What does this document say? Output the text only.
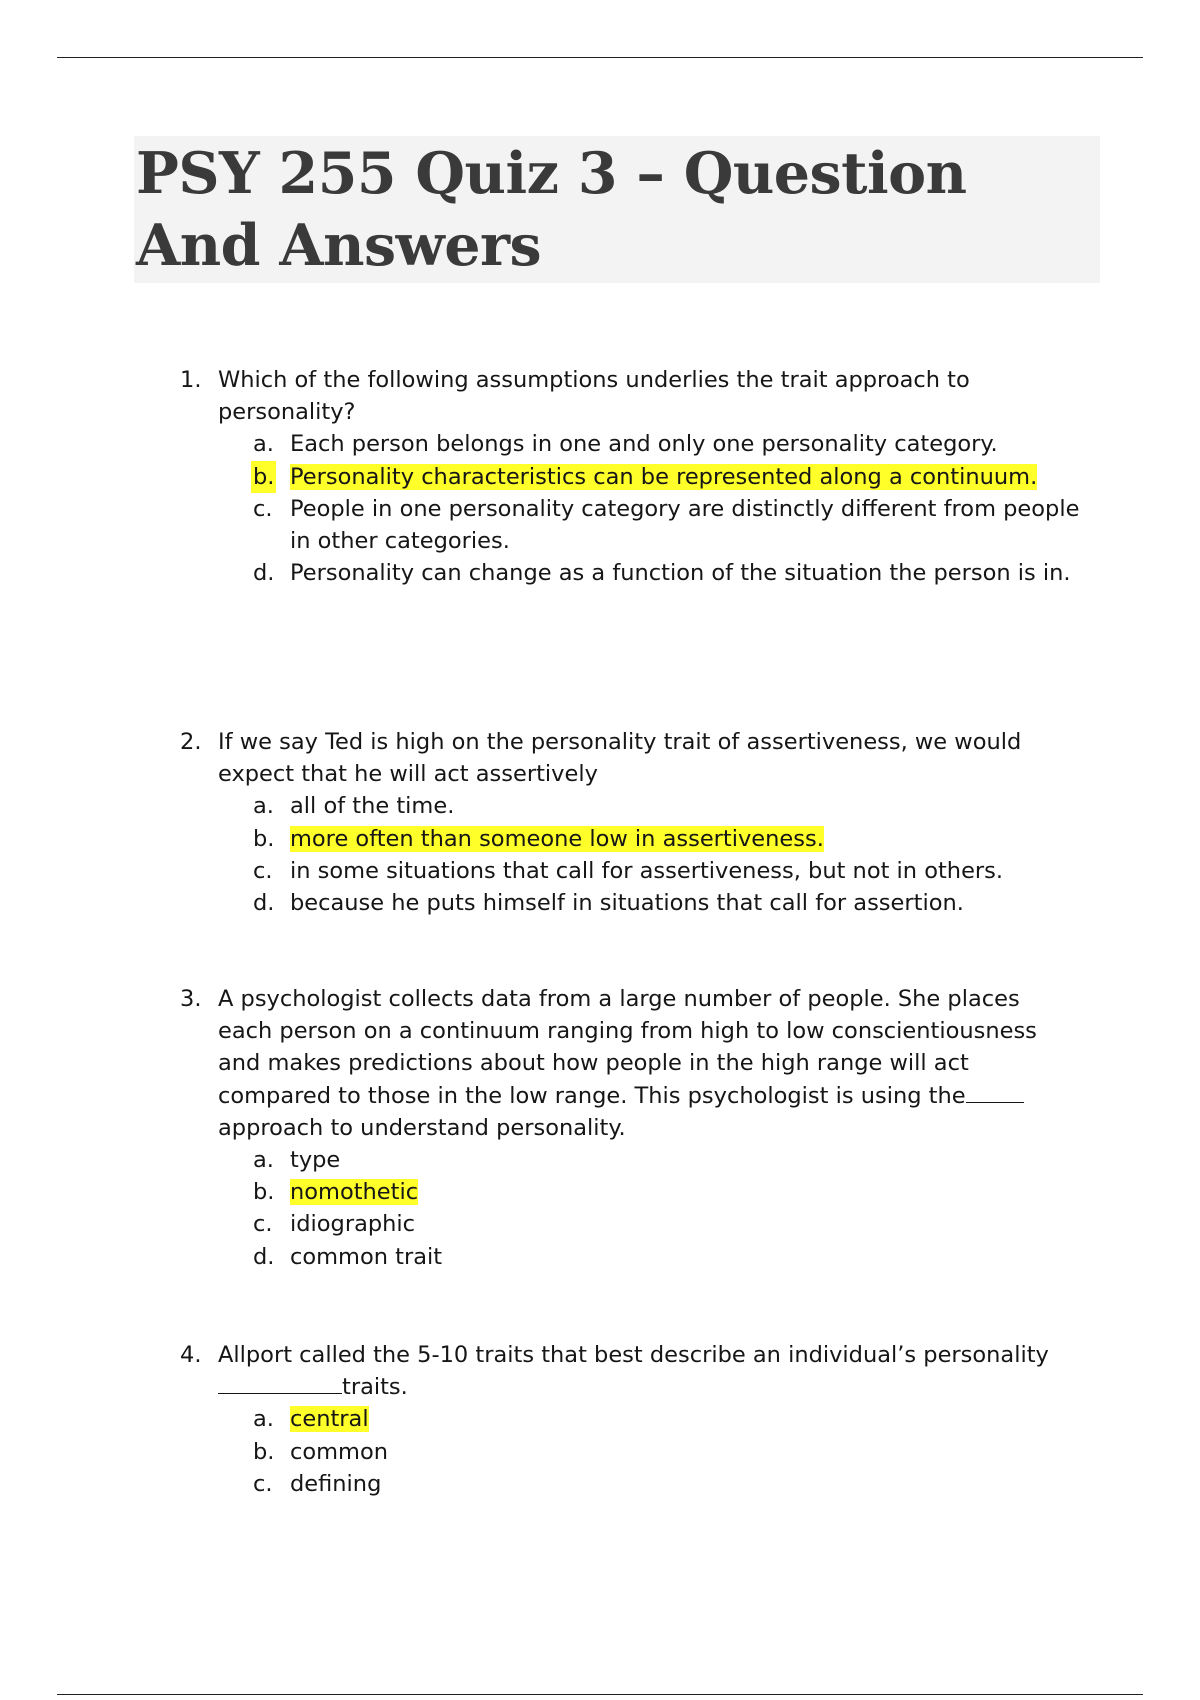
PSY 255 Quiz 3 – Question And Answers
1. Which of the following assumptions underlies the trait approach to personality?
a. Each person belongs in one and only one personality category.
b. Personality characteristics can be represented along a continuum.
c. People in one personality category are distinctly different from people in other categories.
d. Personality can change as a function of the situation the person is in.
2. If we say Ted is high on the personality trait of assertiveness, we would expect that he will act assertively
a. all of the time.
b. more often than someone low in assertiveness.
c. in some situations that call for assertiveness, but not in others.
d. because he puts himself in situations that call for assertion.
3. A psychologist collects data from a large number of people. She places each person on a continuum ranging from high to low conscientiousness and makes predictions about how people in the high range will act compared to those in the low range. This psychologist is using theapproach to understand personality.
a. type
b. nomothetic
c. idiographic
d. common trait
4. Allport called the 5-10 traits that best describe an individual’s personalitytraits.
a. central
b. common
c. defining
